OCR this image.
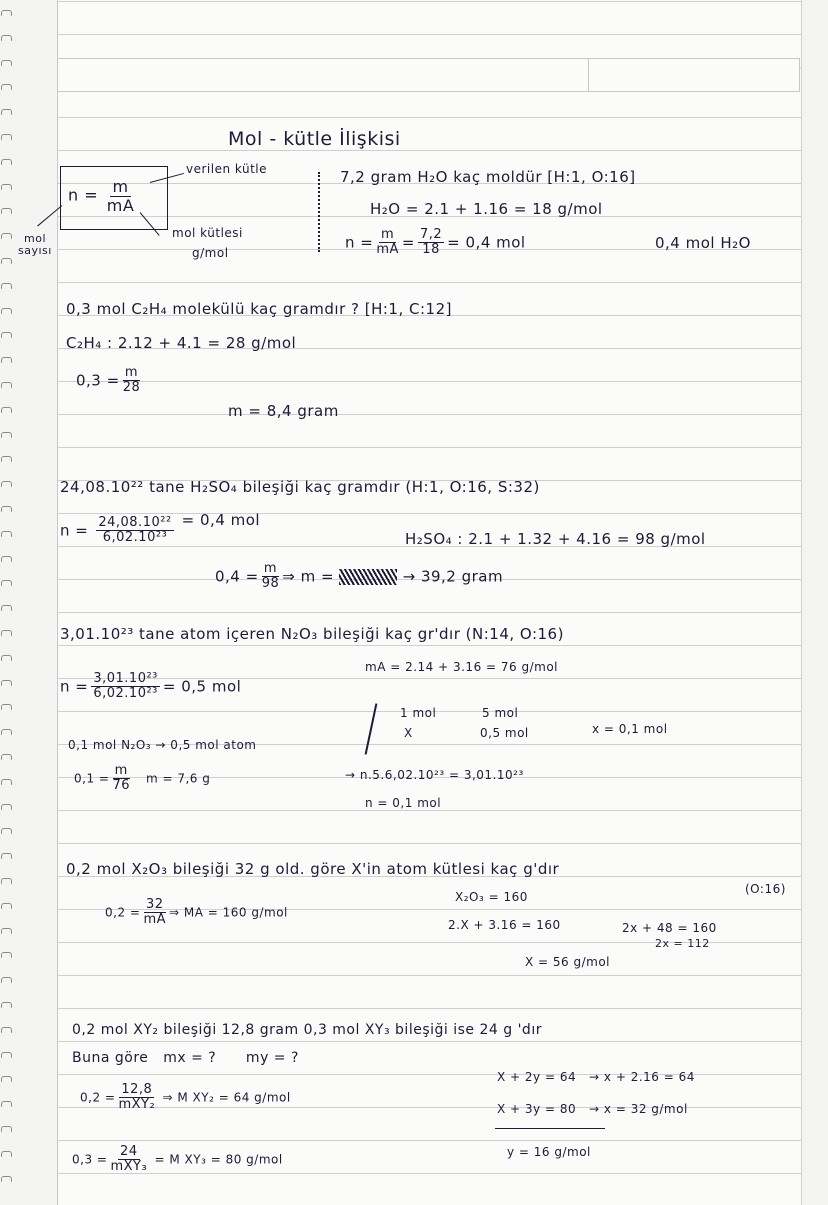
Mol - kütle İlişkisi
$n = \frac{m}{mA}$
verilen kütle
mol kütlesi
g/mol
mol
sayısı
7,2 gram H₂O kaç moldür [H:1, O:16]
H₂O = 2.1 + 1.16 = 18 g/mol
$n = \frac{m}{mA} = \frac{7,2}{18} = 0,4$ mol	0,4 mol H₂O
0,3 mol C₂H₄ molekülü kaç gramdır ? [H:1, C:12]
C₂H₄ : 2.12 + 4.1 = 28 g/mol
$0,3 = \frac{m}{28}$
m = 8,4 gram
24,08.10²² tane H₂SO₄ bileşiği kaç gramdır (H:1, O:16, S:32)
$n = \frac{\text{24,08.10²²}}{\text{6,02.10²³}} = 0,4$ mol
H₂SO₄ : 2.1 + 1.32 + 4.16 = 98 g/mol
$0,4 = \frac{m}{98}$ ⇒ m =	→ 39,2 gram
3,01.10²³ tane atom içeren N₂O₃ bileşiği kaç gr'dır (N:14, O:16)
mA = 2.14 + 3.16 = 76 g/mol
$n = \frac{\text{3,01.10²³}}{\text{6,02.10²³}} = 0,5$ mol
1 mol	5 mol
X	0,5 mol	x = 0,1 mol
0,1 mol N₂O₃ → 0,5 mol atom
$0,1 = \frac{m}{76}$ m = 7,6 g	→ n.5.6,02.10²³ = 3,01.10²³
n = 0,1 mol
0,2 mol X₂O₃ bileşiği 32 g old. göre X'in atom kütlesi kaç g'dır
(O:16)
$0,2 = \frac{32}{mA}$ ⇒ MA = 160 g/mol
X₂O₃ = 160
2.X + 3.16 = 160	2x + 48 = 160
2x = 112
X = 56 g/mol
0,2 mol XY₂ bileşiği 12,8 gram 0,3 mol XY₃ bileşiği ise 24 g 'dır
Buna göre   mx = ?      my = ?
$0,2 = \frac{12,8}{\text{mXY₂}}$ ⇒ M XY₂ = 64 g/mol
$0,3 = \frac{24}{\text{mXY₃}} = M$ XY₃ = 80 g/mol
X + 2y = 64   → x + 2.16 = 64
X + 3y = 80   → x = 32 g/mol
y = 16 g/mol
